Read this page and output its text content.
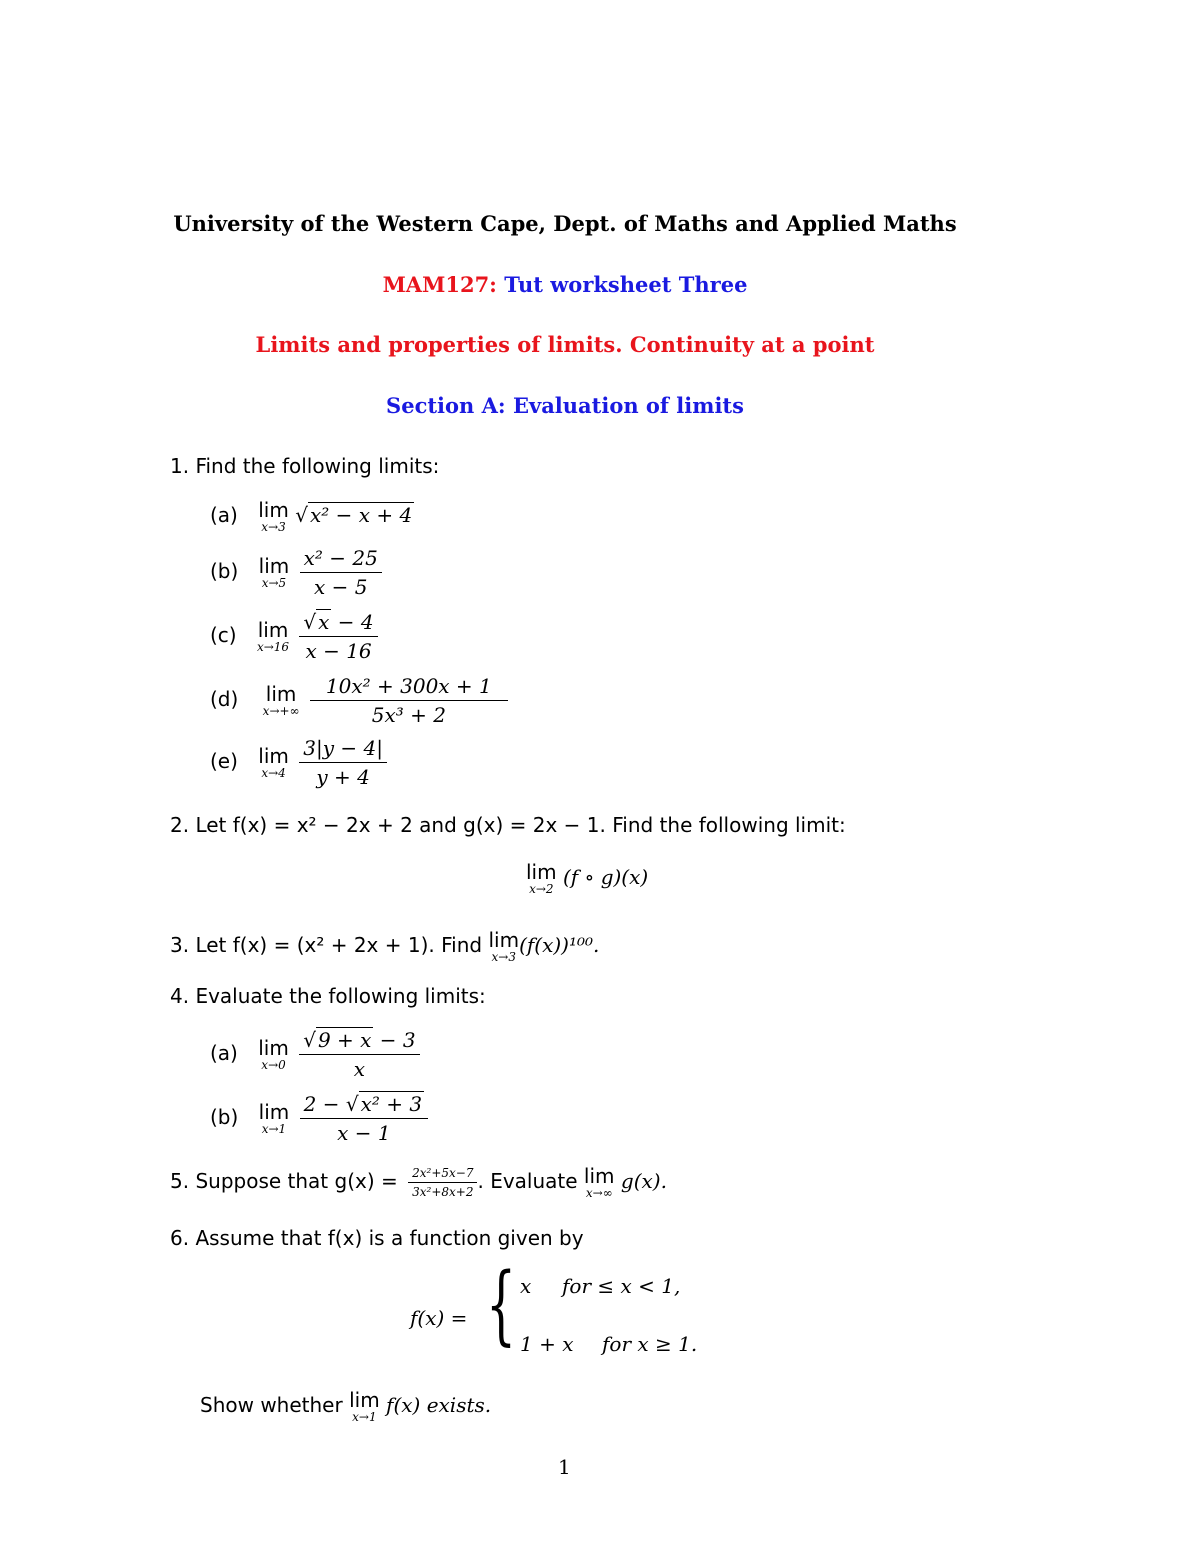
University of the Western Cape, Dept. of Maths and Applied Maths
MAM127: Tut worksheet Three
Limits and properties of limits. Continuity at a point
Section A: Evaluation of limits
1. Find the following limits:
(a) lim
x→3 √ x² − x + 4
(b) lim
x→5
$\frac{\text{x² − 25}}{x - 5}$
(c) lim
x→16
$\frac{√ x - 4}{x - 16}$
(d) lim
x→+∞
$\frac{\text{10x² + 300x + 1}}{\text{5x³ + 2}}$
(e) lim
x→4
$\frac{3|y - 4|}{y + 4}$
2. Let f(x) = x² − 2x + 2 and g(x) = 2x − 1. Find the following limit:
lim
x→2 (f ∘ g)(x)
3. Let f(x) = (x² + 2x + 1). Find lim
x→3 (f(x))¹⁰⁰.
4. Evaluate the following limits:
(a) lim
x→0
$\frac{√ 9 + x - 3}{x}$
(b) lim
x→1
$\frac{\text{2 − √ x² + 3}}{x - 1}$
5. Suppose that $g(x) = \frac{\text{2x²+5x−7}}{\text{3x²+8x+2}}$ . Evaluate lim
x→∞ g(x).
6. Assume that f(x) is a function given by
f(x) = { x for ≤ x < 1,
1 + x for x ≥ 1.
Show whether lim
x→1 f(x) exists.
1
